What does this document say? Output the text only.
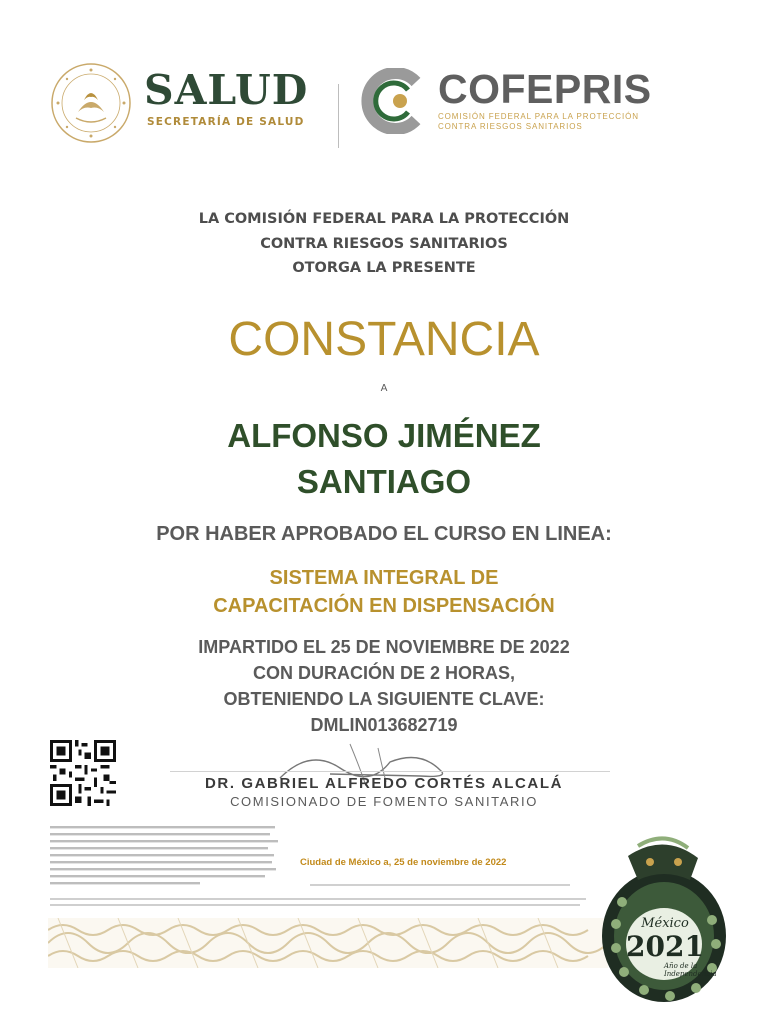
SALUD
SECRETARÍA DE SALUD
COFEPRIS
COMISIÓN FEDERAL PARA LA PROTECCIÓN
CONTRA RIESGOS SANITARIOS
LA COMISIÓN FEDERAL PARA LA PROTECCIÓN
CONTRA RIESGOS SANITARIOS
OTORGA LA PRESENTE
CONSTANCIA
A
ALFONSO JIMÉNEZ
SANTIAGO
POR HABER APROBADO EL CURSO EN LINEA:
SISTEMA INTEGRAL DE
CAPACITACIÓN EN DISPENSACIÓN
IMPARTIDO EL 25 DE NOVIEMBRE DE 2022
CON DURACIÓN DE 2 HORAS,
OBTENIENDO LA SIGUIENTE CLAVE:
DMLIN013682719
DR. GABRIEL ALFREDO CORTÉS ALCALÁ
COMISIONADO DE FOMENTO SANITARIO
Ciudad de México a, 25 de noviembre de 2022
México
2021
Año de la
Independencia
